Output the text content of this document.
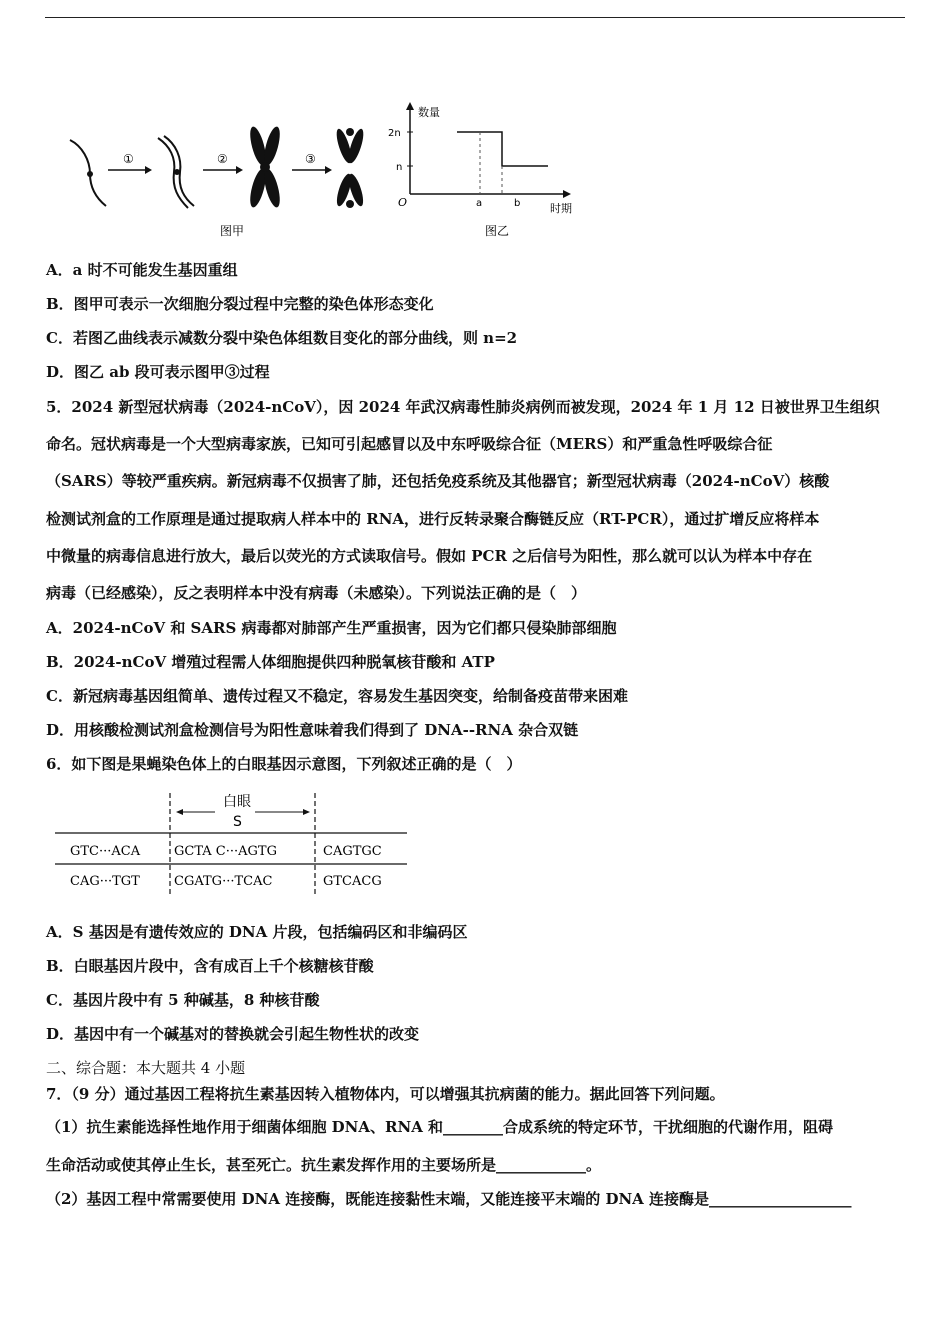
①	②	③
图甲
数量
2n
n
O	a	b	时期
图乙
A．a 时不可能发生基因重组
B．图甲可表示一次细胞分裂过程中完整的染色体形态变化
C．若图乙曲线表示减数分裂中染色体组数目变化的部分曲线，则 n=2
D．图乙 ab 段可表示图甲③过程
5．2024 新型冠状病毒（2024-nCoV），因 2024 年武汉病毒性肺炎病例而被发现，2024 年 1 月 12 日被世界卫生组织
命名。冠状病毒是一个大型病毒家族，已知可引起感冒以及中东呼吸综合征（MERS）和严重急性呼吸综合征
（SARS）等较严重疾病。新冠病毒不仅损害了肺，还包括免疫系统及其他器官；新型冠状病毒（2024-nCoV）核酸
检测试剂盒的工作原理是通过提取病人样本中的 RNA，进行反转录聚合酶链反应（RT-PCR），通过扩增反应将样本
中微量的病毒信息进行放大，最后以荧光的方式读取信号。假如 PCR 之后信号为阳性，那么就可以认为样本中存在
病毒（已经感染），反之表明样本中没有病毒（未感染）。下列说法正确的是（　）
A．2024-nCoV 和 SARS 病毒都对肺部产生严重损害，因为它们都只侵染肺部细胞
B．2024-nCoV 增殖过程需人体细胞提供四种脱氧核苷酸和 ATP
C．新冠病毒基因组简单、遗传过程又不稳定，容易发生基因突变，给制备疫苗带来困难
D．用核酸检测试剂盒检测信号为阳性意味着我们得到了 DNA--RNA 杂合双链
6．如下图是果蝇染色体上的白眼基因示意图，下列叙述正确的是（　）
白眼
S
GTC···ACA	GCTA C···AGTG	CAGTGC
CAG···TGT	CGATG···TCAC	GTCACG
A．S 基因是有遗传效应的 DNA 片段，包括编码区和非编码区
B．白眼基因片段中，含有成百上千个核糖核苷酸
C．基因片段中有 5 种碱基，8 种核苷酸
D．基因中有一个碱基对的替换就会引起生物性状的改变
二、综合题：本大题共 4 小题
7．（9 分）通过基因工程将抗生素基因转入植物体内，可以增强其抗病菌的能力。据此回答下列问题。
（1）抗生素能选择性地作用于细菌体细胞 DNA、RNA 和________合成系统的特定环节，干扰细胞的代谢作用，阻碍
生命活动或使其停止生长，甚至死亡。抗生素发挥作用的主要场所是____________。
（2）基因工程中常需要使用 DNA 连接酶，既能连接黏性末端，又能连接平末端的 DNA 连接酶是___________________
